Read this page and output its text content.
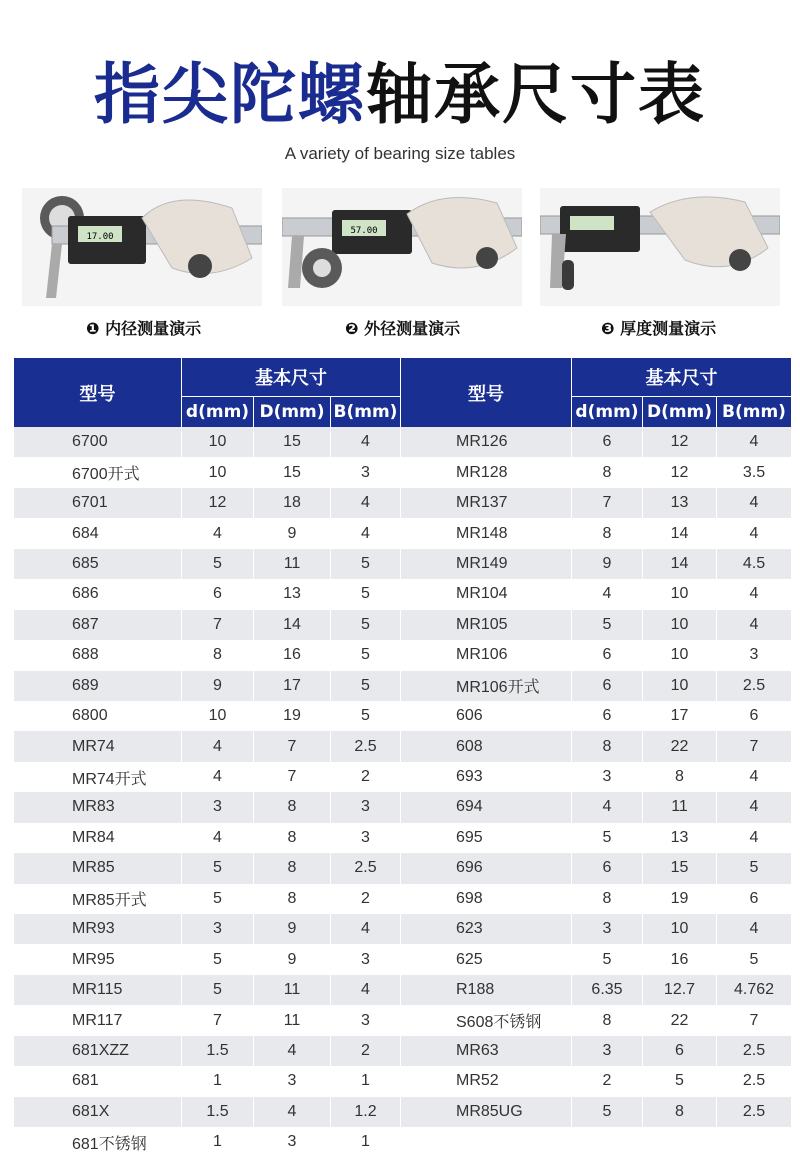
指尖陀螺轴承尺寸表
A variety of bearing size tables
17.00
57.00
❶ 内径测量演示	❷ 外径测量演示	❸ 厚度测量演示
型号
基本尺寸
d(mm) D(mm) B(mm)
型号
基本尺寸
d(mm) D(mm) B(mm)
6700	10	15	4	MR126	6	12	4
6700开式	10	15	3	MR128	8	12	3.5
6701	12	18	4	MR137	7	13	4
684	4	9	4	MR148	8	14	4
685	5	11	5	MR149	9	14	4.5
686	6	13	5	MR104	4	10	4
687	7	14	5	MR105	5	10	4
688	8	16	5	MR106	6	10	3
689	9	17	5	MR106开式	6	10	2.5
6800	10	19	5	606	6	17	6
MR74	4	7	2.5	608	8	22	7
MR74开式	4	7	2	693	3	8	4
MR83	3	8	3	694	4	11	4
MR84	4	8	3	695	5	13	4
MR85	5	8	2.5	696	6	15	5
MR85开式	5	8	2	698	8	19	6
MR93	3	9	4	623	3	10	4
MR95	5	9	3	625	5	16	5
MR115	5	11	4	R188	6.35	12.7	4.762
MR117	7	11	3	S608不锈钢	8	22	7
681XZZ	1.5	4	2	MR63	3	6	2.5
681	1	3	1	MR52	2	5	2.5
681X	1.5	4	1.2	MR85UG	5	8	2.5
681不锈钢	1	3	1
